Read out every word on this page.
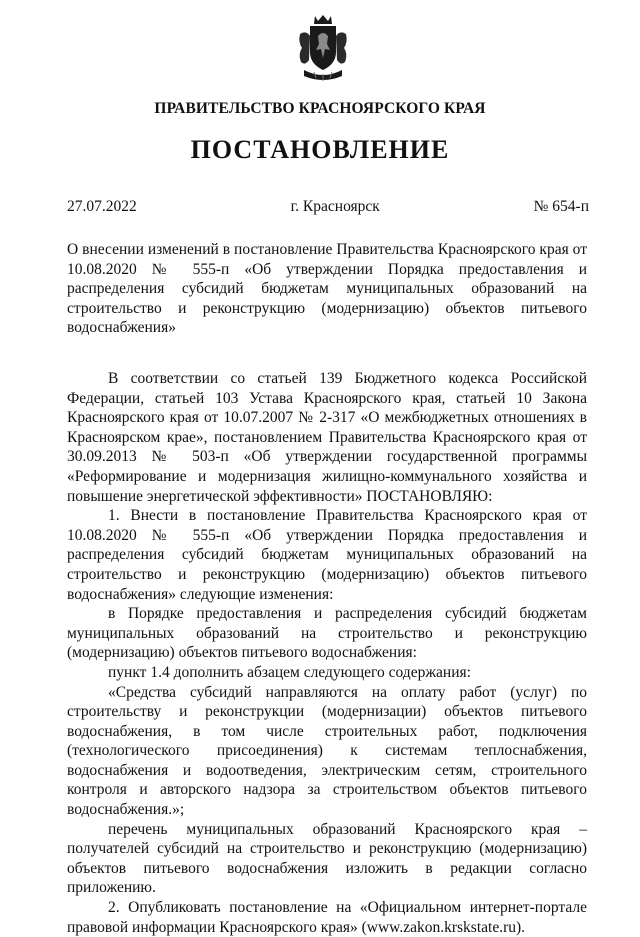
ПРАВИТЕЛЬСТВО КРАСНОЯРСКОГО КРАЯ
ПОСТАНОВЛЕНИЕ
27.07.2022	г. Красноярск	№ 654-п

О внесении изменений в постановление Правительства Красноярского края от 10.08.2020 № 555-п «Об утверждении Порядка предоставления и распределения субсидий бюджетам муниципальных образований на строительство и реконструкцию (модернизацию) объектов питьевого водоснабжения»

В соответствии со статьей 139 Бюджетного кодекса Российской Федерации, статьей 103 Устава Красноярского края, статьей 10 Закона Красноярского края от 10.07.2007 № 2-317 «О межбюджетных отношениях в Красноярском крае», постановлением Правительства Красноярского края от 30.09.2013 № 503-п «Об утверждении государственной программы «Реформирование и модернизация жилищно-коммунального хозяйства и повышение энергетической эффективности» ПОСТАНОВЛЯЮ:

1. Внести в постановление Правительства Красноярского края от 10.08.2020 № 555-п «Об утверждении Порядка предоставления и распределения субсидий бюджетам муниципальных образований на строительство и реконструкцию (модернизацию) объектов питьевого водоснабжения» следующие изменения:

в Порядке предоставления и распределения субсидий бюджетам муниципальных образований на строительство и реконструкцию (модернизацию) объектов питьевого водоснабжения:

пункт 1.4 дополнить абзацем следующего содержания:

«Средства субсидий направляются на оплату работ (услуг) по строительству и реконструкции (модернизации) объектов питьевого водоснабжения, в том числе строительных работ, подключения (технологического присоединения) к системам теплоснабжения, водоснабжения и водоотведения, электрическим сетям, строительного контроля и авторского надзора за строительством объектов питьевого водоснабжения.»;

перечень муниципальных образований Красноярского края – получателей субсидий на строительство и реконструкцию (модернизацию) объектов питьевого водоснабжения изложить в редакции согласно приложению.

2. Опубликовать постановление на «Официальном интернет-портале правовой информации Красноярского края» (www.zakon.krskstate.ru).
